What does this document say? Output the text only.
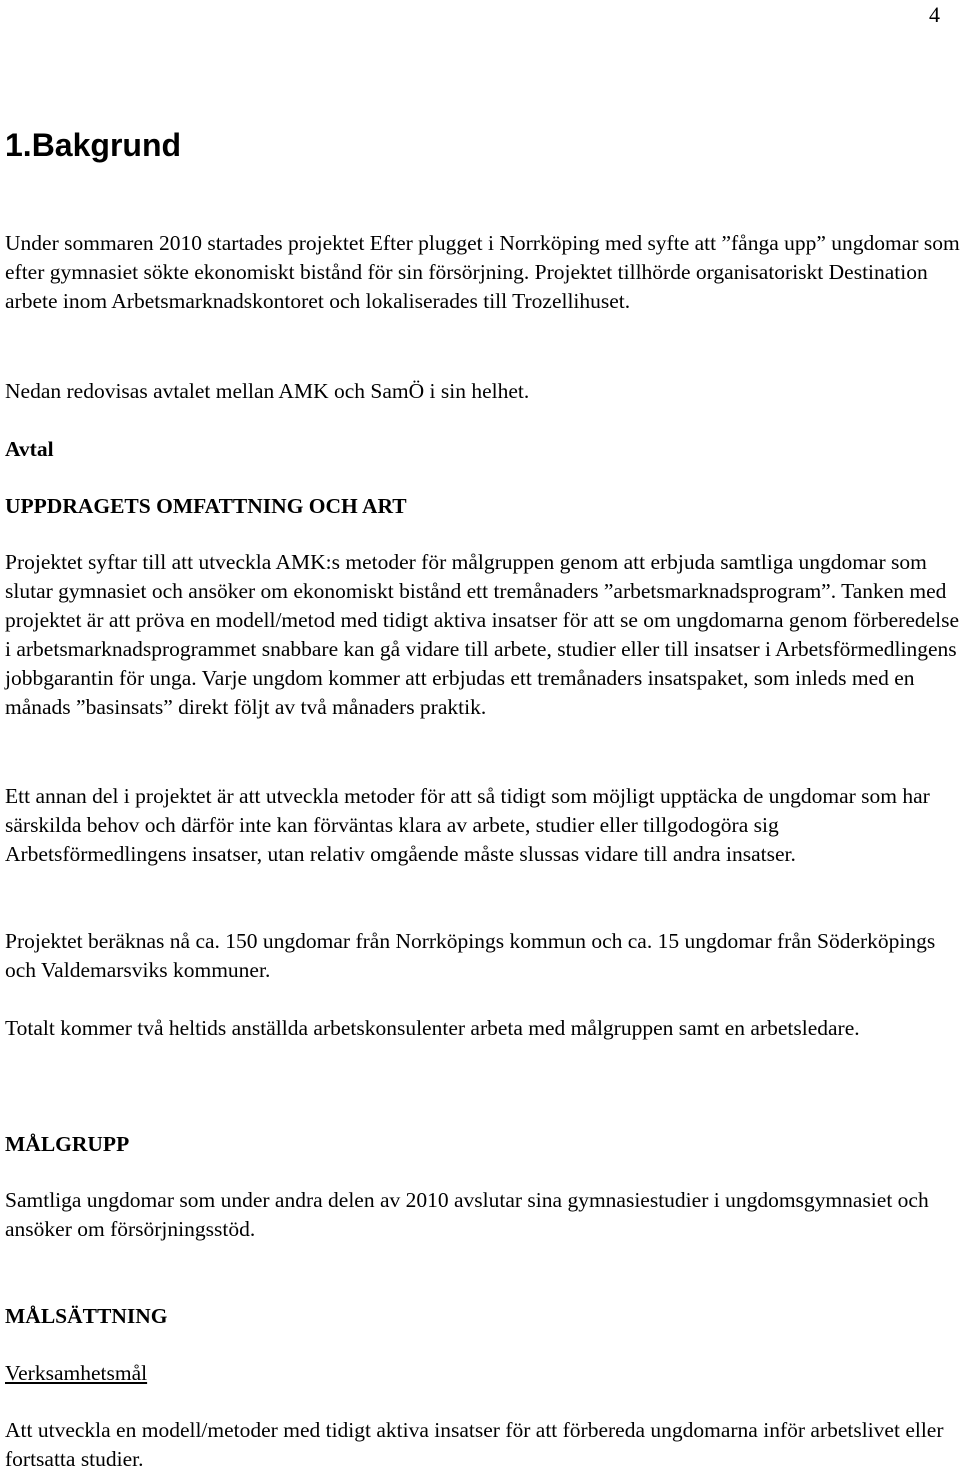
4
1.Bakgrund

Under sommaren 2010 startades projektet Efter plugget i Norrköping med syfte att ”fånga upp” ungdomar som efter gymnasiet sökte ekonomiskt bistånd för sin försörjning. Projektet tillhörde organisatoriskt Destination arbete inom Arbetsmarknadskontoret och lokaliserades till Trozellihuset.

Nedan redovisas avtalet mellan AMK och SamÖ i sin helhet.

Avtal

UPPDRAGETS OMFATTNING OCH ART

Projektet syftar till att utveckla AMK:s metoder för målgruppen genom att erbjuda samtliga ungdomar som slutar gymnasiet och ansöker om ekonomiskt bistånd ett tremånaders ”arbetsmarknadsprogram”. Tanken med projektet är att pröva en modell/metod med tidigt aktiva insatser för att se om ungdomarna genom förberedelse i arbetsmarknadsprogrammet snabbare kan gå vidare till arbete, studier eller till insatser i Arbetsförmedlingens jobbgarantin för unga. Varje ungdom kommer att erbjudas ett tremånaders insatspaket, som inleds med en månads ”basinsats” direkt följt av två månaders praktik.

Ett annan del i projektet är att utveckla metoder för att så tidigt som möjligt upptäcka de ungdomar som har särskilda behov och därför inte kan förväntas klara av arbete, studier eller tillgodogöra sig Arbetsförmedlingens insatser, utan relativ omgående måste slussas vidare till andra insatser.

Projektet beräknas nå ca. 150 ungdomar från Norrköpings kommun och ca. 15 ungdomar från Söderköpings och Valdemarsviks kommuner.

Totalt kommer två heltids anställda arbetskonsulenter arbeta med målgruppen samt en arbetsledare.

MÅLGRUPP

Samtliga ungdomar som under andra delen av 2010 avslutar sina gymnasiestudier i ungdomsgymnasiet och ansöker om försörjningsstöd.

MÅLSÄTTNING

Verksamhetsmål

Att utveckla en modell/metoder med tidigt aktiva insatser för att förbereda ungdomarna inför arbetslivet eller fortsatta studier.
